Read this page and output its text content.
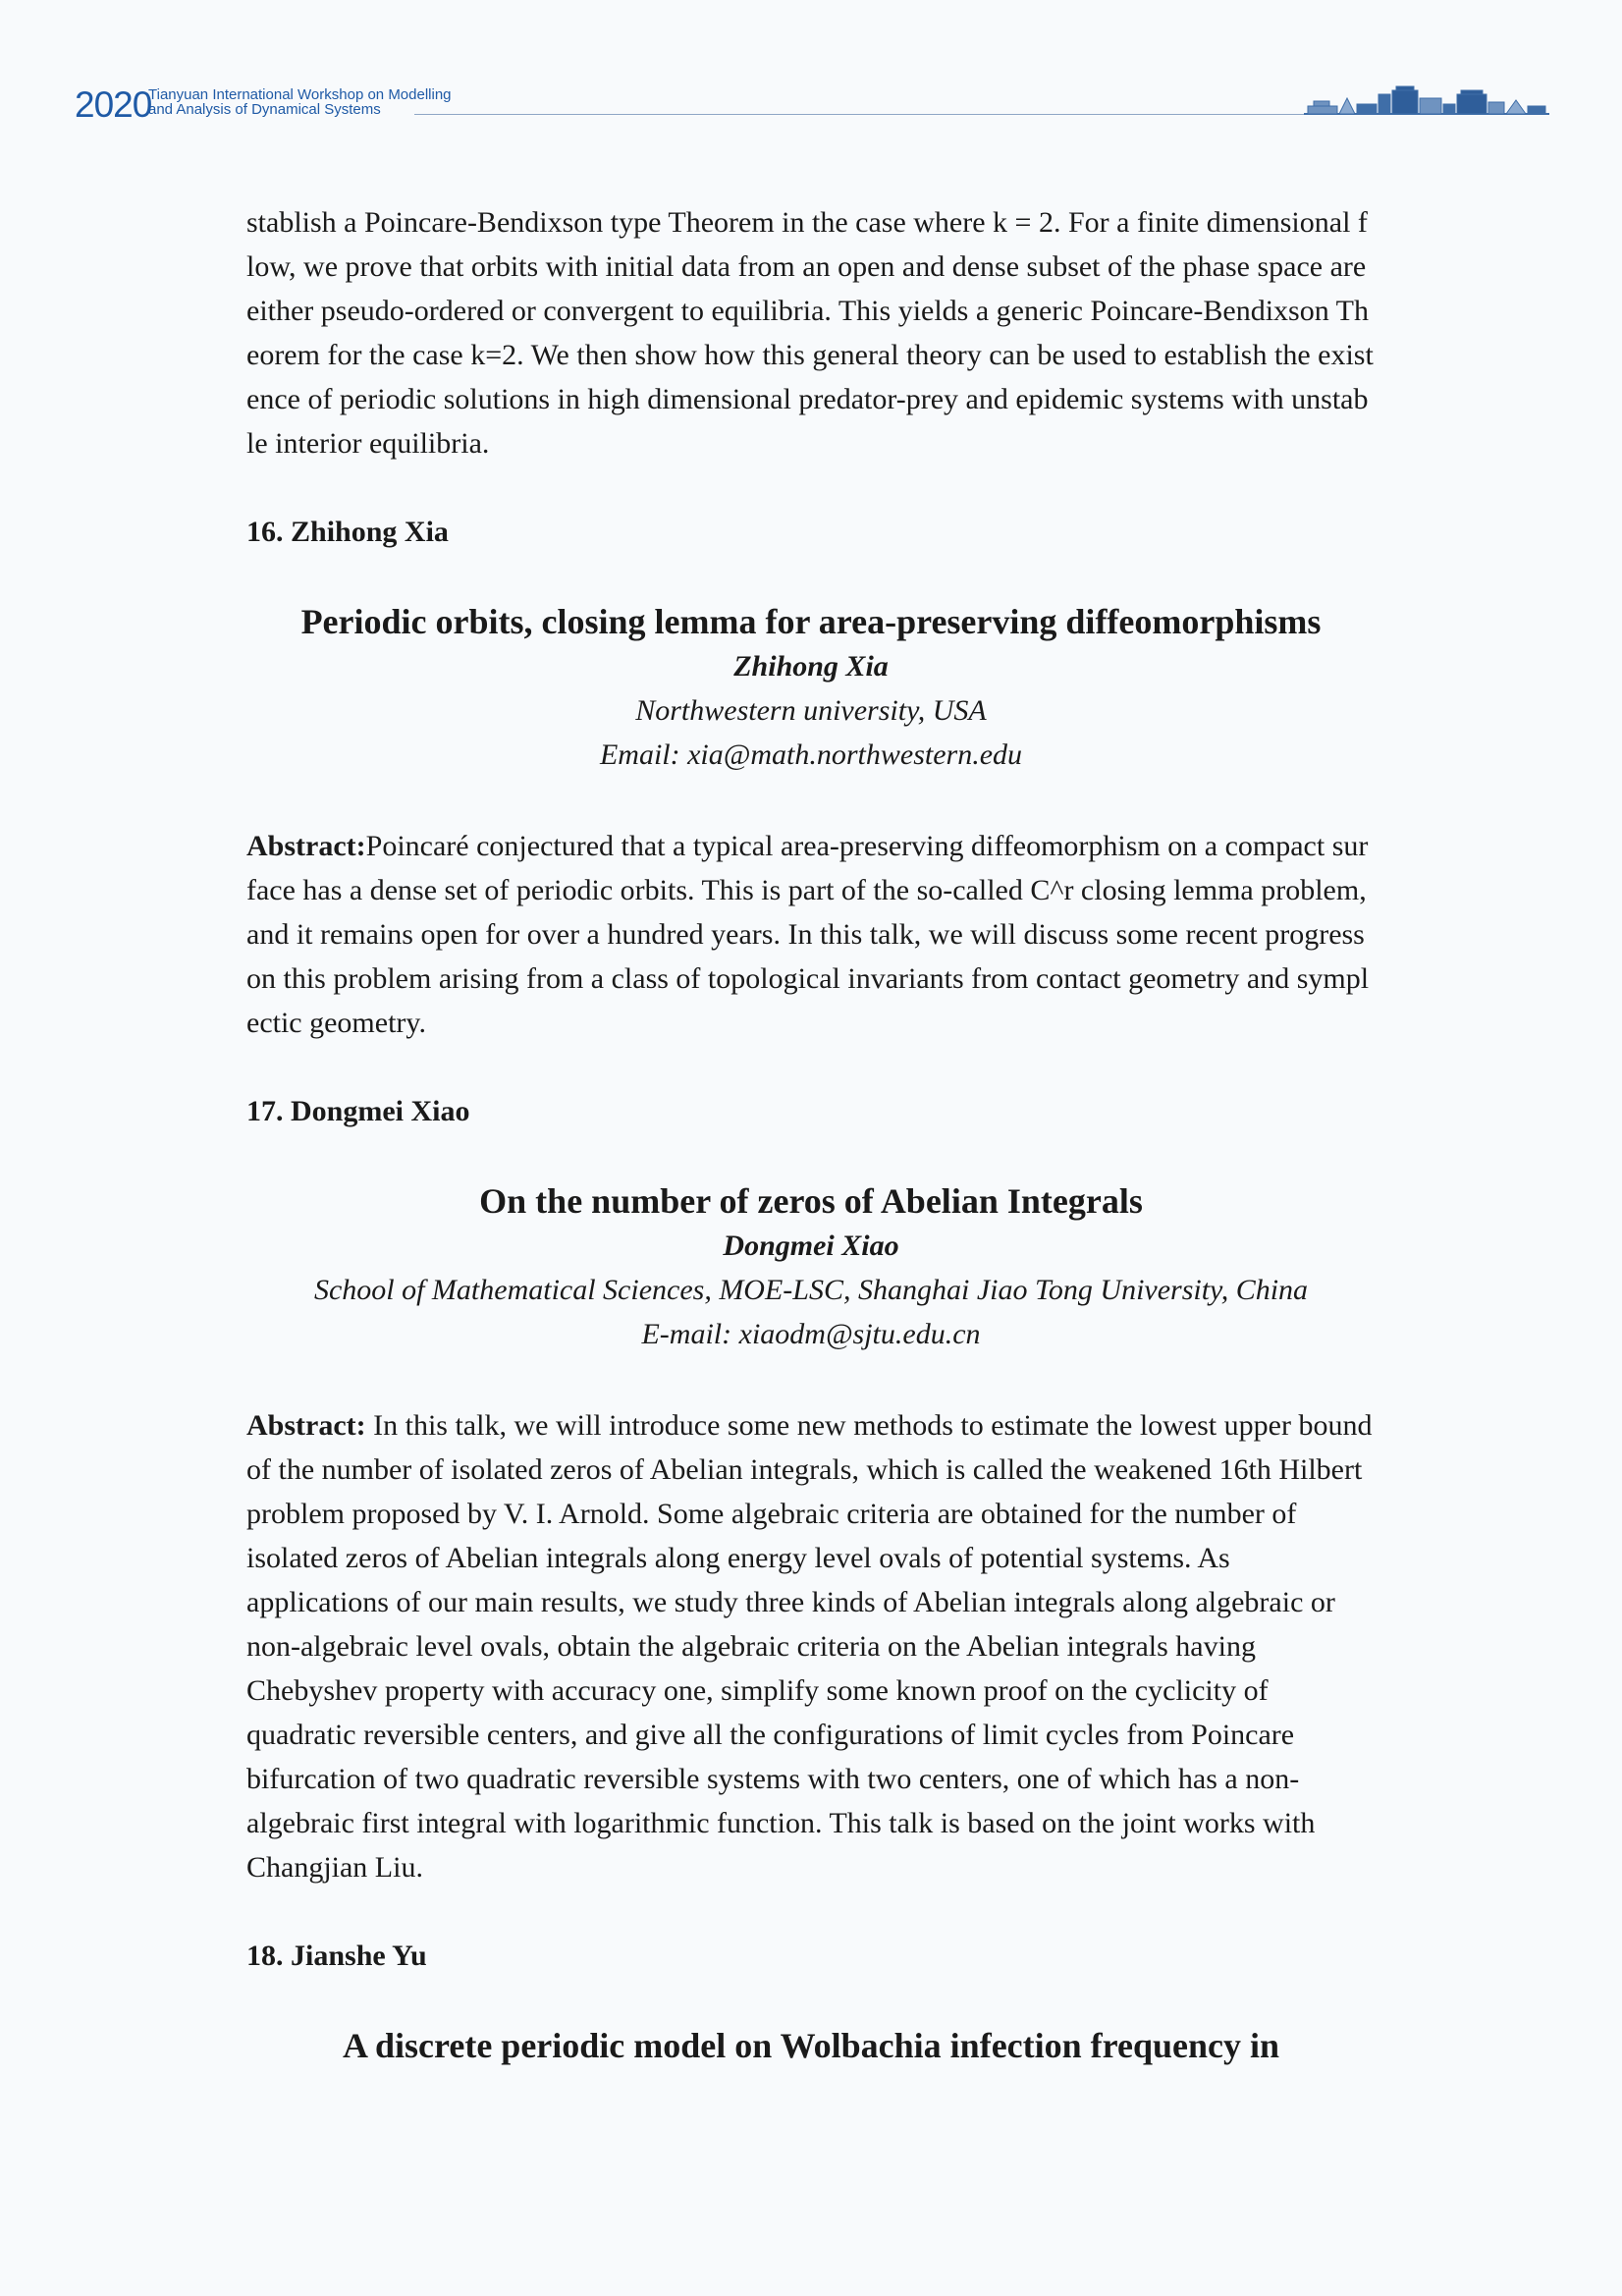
2020
Tianyuan International Workshop on Modelling
and Analysis of Dynamical Systems

stablish a Poincare-Bendixson type Theorem in the case where k = 2. For a finite dimensional flow, we prove that orbits with initial data from an open and dense subset of the phase space are either pseudo-ordered or convergent to equilibria. This yields a generic Poincare-Bendixson Theorem for the case k=2. We then show how this general theory can be used to establish the existence of periodic solutions in high dimensional predator-prey and epidemic systems with unstable interior equilibria.

16. Zhihong Xia

Periodic orbits, closing lemma for area-preserving diffeomorphisms

Zhihong Xia

Northwestern university, USA

Email: xia@math.northwestern.edu

Abstract:Poincaré conjectured that a typical area-preserving diffeomorphism on a compact surface has a dense set of periodic orbits. This is part of the so-called C^r closing lemma problem, and it remains open for over a hundred years. In this talk, we will discuss some recent progress on this problem arising from a class of topological invariants from contact geometry and symplectic geometry.

17. Dongmei Xiao

On the number of zeros of Abelian Integrals

Dongmei Xiao

School of Mathematical Sciences, MOE-LSC, Shanghai Jiao Tong University, China

E-mail: xiaodm@sjtu.edu.cn

Abstract: In this talk, we will introduce some new methods to estimate the lowest upper bound of the number of isolated zeros of Abelian integrals, which is called the weakened 16th Hilbert problem proposed by V. I. Arnold. Some algebraic criteria are obtained for the number of isolated zeros of Abelian integrals along energy level ovals of potential systems. As applications of our main results, we study three kinds of Abelian integrals along algebraic or non-algebraic level ovals, obtain the algebraic criteria on the Abelian integrals having Chebyshev property with accuracy one, simplify some known proof on the cyclicity of quadratic reversible centers, and give all the configurations of limit cycles from Poincare bifurcation of two quadratic reversible systems with two centers, one of which has a non-algebraic first integral with logarithmic function. This talk is based on the joint works with Changjian Liu.

18. Jianshe Yu

A discrete periodic model on Wolbachia infection frequency in
